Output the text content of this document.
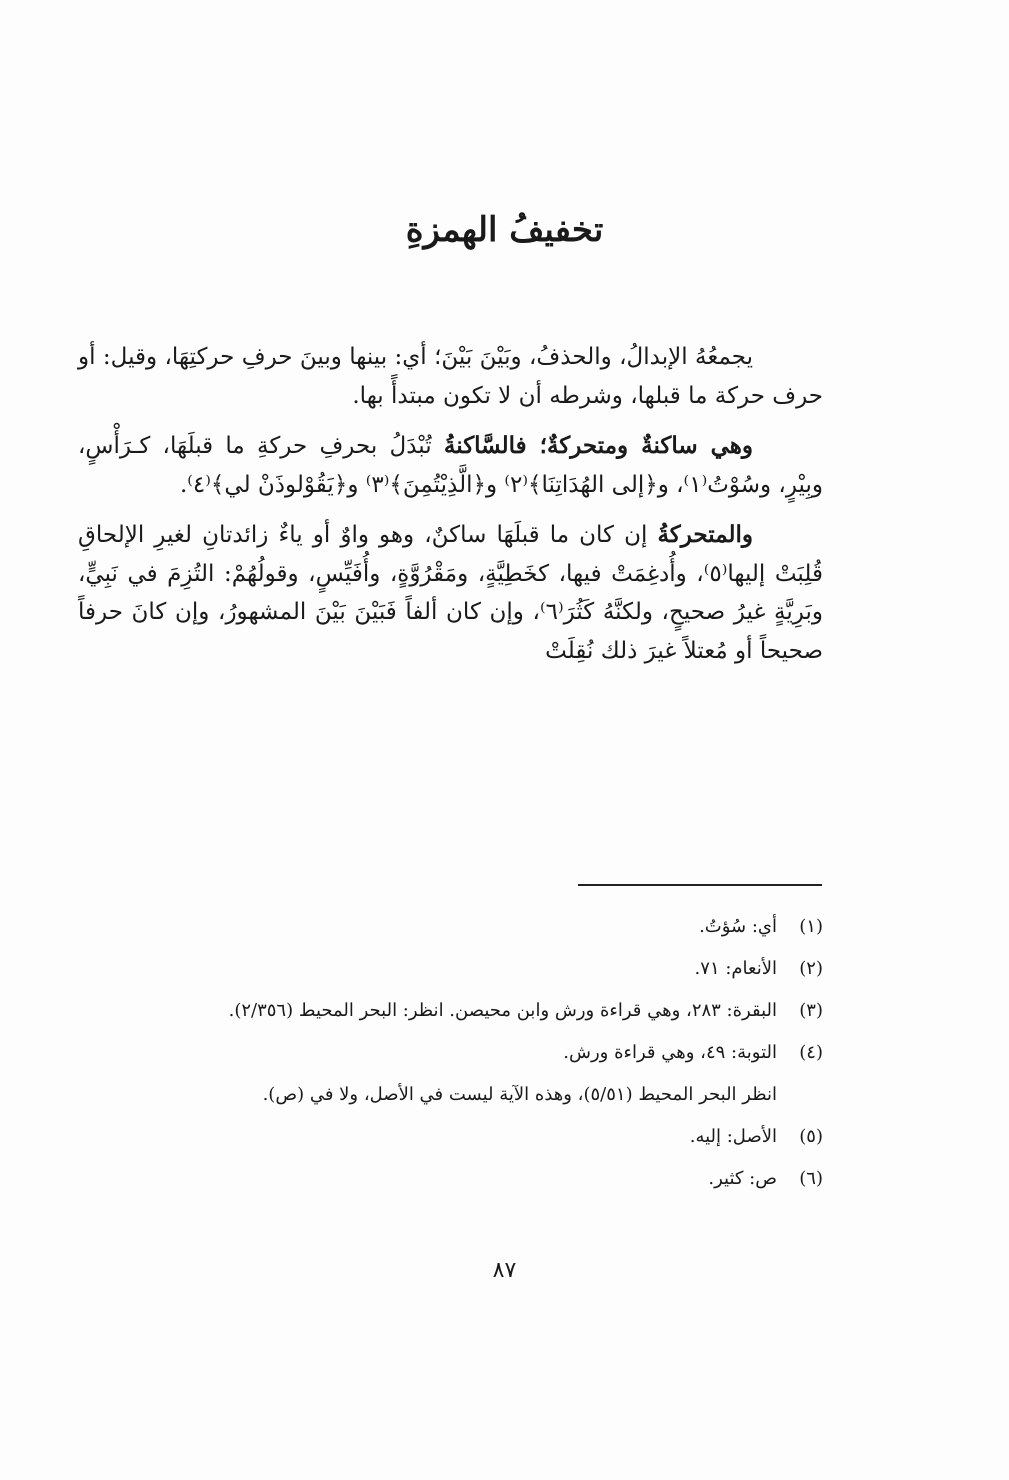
تخفيفُ الهمزةِ

يجمعُهُ الإبدالُ، والحذفُ، وبَيْنَ بَيْنَ؛ أي: بينها وبينَ حرفِ حركتِهَا، وقيل: أو حرف حركة ما قبلها، وشرطه أن لا تكون مبتدأً بها.

وهي ساكنةٌ ومتحركةٌ؛ فالسَّاكنةُ تُبْدَلُ بحرفِ حركةِ ما قبلَهَا، كـرَأْسٍ، وبِيْرٍ، وسُوْتُ⁽١⁾، و﴿إلى الهُدَاتِنَا﴾⁽٢⁾ و﴿الَّذِيْتُمِنَ﴾⁽٣⁾ و﴿يَقُوْلوذَنْ لي﴾⁽٤⁾.

والمتحركةُ إن كان ما قبلَهَا ساكنٌ، وهو واوٌ أو ياءٌ زائدتانِ لغيرِ الإلحاقِ قُلِبَتْ إليها⁽٥⁾، وأُدغِمَتْ فيها، كخَطِيَّةٍ، ومَقْرُوَّةٍ، وأُفَيِّسٍ، وقولُهُمْ: التُزِمَ في نَبِيٍّ، وبَرِيَّةٍ غيرُ صحيحٍ، ولكنَّهُ كَثُرَ⁽٦⁾، وإن كان ألفاً فَبَيْنَ بَيْنَ المشهورُ، وإن كانَ حرفاً صحيحاً أو مُعتلاً غيرَ ذلك نُقِلَتْ

(١)
أي: سُؤتُ.
(٢)
الأنعام: ٧١.
(٣)
البقرة: ٢٨٣، وهي قراءة ورش وابن محيصن. انظر: البحر المحيط (٢/٣٥٦).
(٤)
التوبة: ٤٩، وهي قراءة ورش.
انظر البحر المحيط (٥/٥١)، وهذه الآية ليست في الأصل، ولا في (ص).
(٥)
الأصل: إليه.
(٦)
ص: كثير.
٨٧
